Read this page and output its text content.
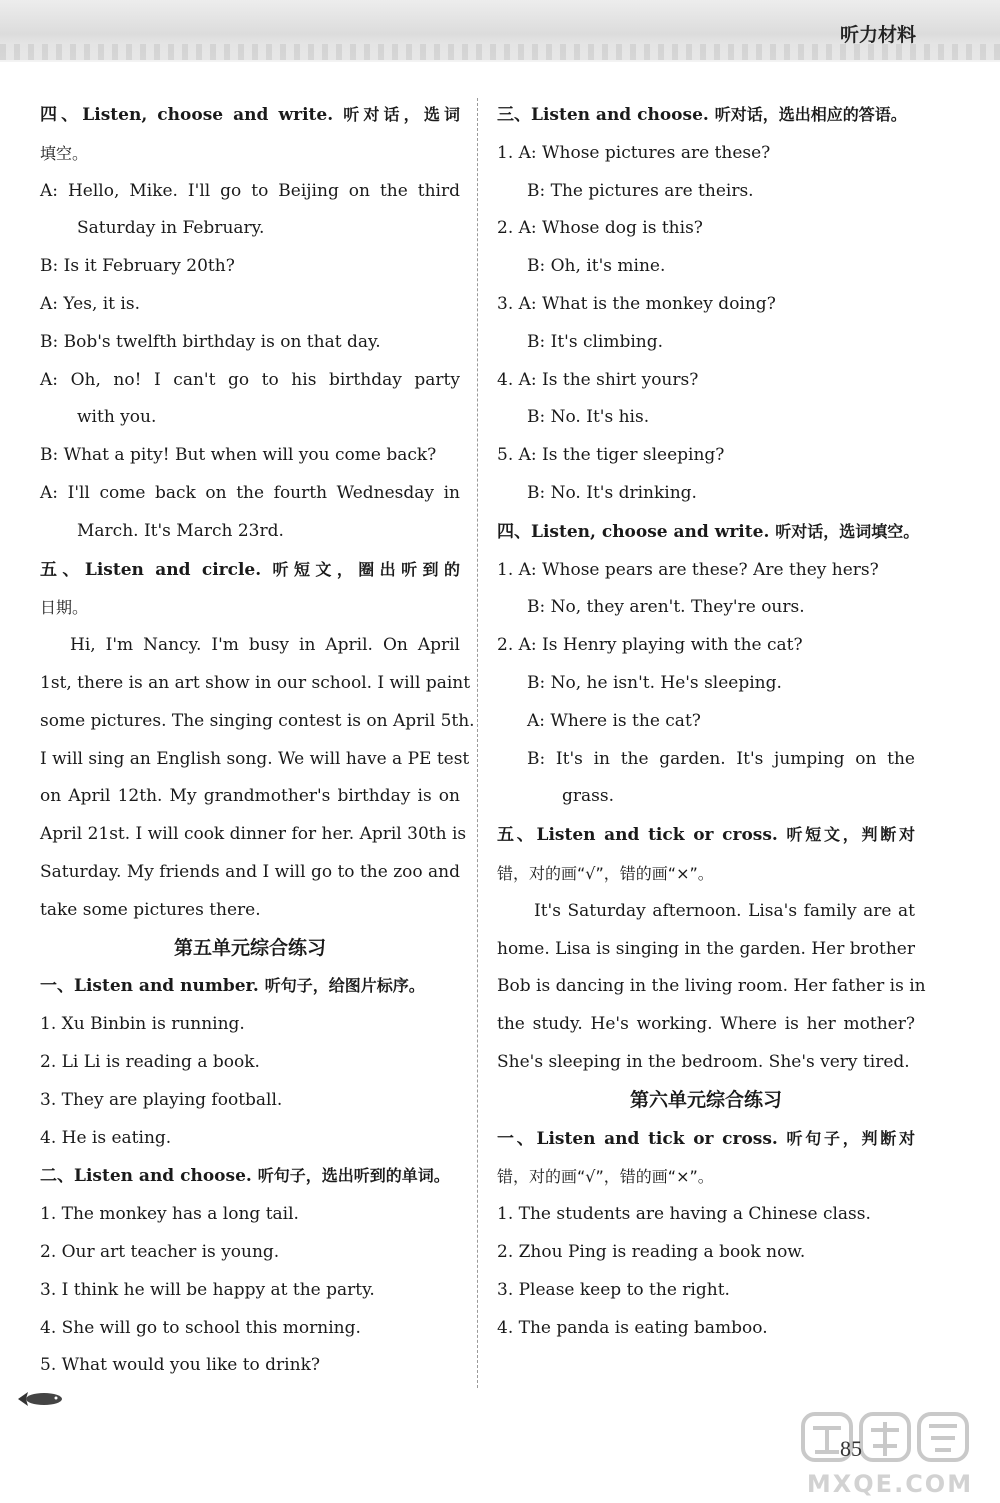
听力材料
四、Listen, choose and write. 听对话，选词
填空。
A: Hello, Mike. I'll go to Beijing on the third
Saturday in February.
B: Is it February 20th?
A: Yes, it is.
B: Bob's twelfth birthday is on that day.
A: Oh, no! I can't go to his birthday party
with you.
B: What a pity! But when will you come back?
A: I'll come back on the fourth Wednesday in
March. It's March 23rd.
五、Listen and circle. 听短文，圈出听到的
日期。
Hi, I'm Nancy. I'm busy in April. On April
1st, there is an art show in our school. I will paint
some pictures. The singing contest is on April 5th.
I will sing an English song. We will have a PE test
on April 12th. My grandmother's birthday is on
April 21st. I will cook dinner for her. April 30th is
Saturday. My friends and I will go to the zoo and
take some pictures there.
第五单元综合练习
一、Listen and number. 听句子，给图片标序。
1. Xu Binbin is running.
2. Li Li is reading a book.
3. They are playing football.
4. He is eating.
二、Listen and choose. 听句子，选出听到的单词。
1. The monkey has a long tail.
2. Our art teacher is young.
3. I think he will be happy at the party.
4. She will go to school this morning.
5. What would you like to drink?
三、Listen and choose. 听对话，选出相应的答语。
1. A: Whose pictures are these?
B: The pictures are theirs.
2. A: Whose dog is this?
B: Oh, it's mine.
3. A: What is the monkey doing?
B: It's climbing.
4. A: Is the shirt yours?
B: No. It's his.
5. A: Is the tiger sleeping?
B: No. It's drinking.
四、Listen, choose and write. 听对话，选词填空。
1. A: Whose pears are these? Are they hers?
B: No, they aren't. They're ours.
2. A: Is Henry playing with the cat?
B: No, he isn't. He's sleeping.
A: Where is the cat?
B: It's in the garden. It's jumping on the
grass.
五、Listen and tick or cross. 听短文，判断对
错，对的画“√”，错的画“×”。
It's Saturday afternoon. Lisa's family are at
home. Lisa is singing in the garden. Her brother
Bob is dancing in the living room. Her father is in
the study. He's working. Where is her mother?
She's sleeping in the bedroom. She's very tired.
第六单元综合练习
一、Listen and tick or cross. 听句子，判断对
错，对的画“√”，错的画“×”。
1. The students are having a Chinese class.
2. Zhou Ping is reading a book now.
3. Please keep to the right.
4. The panda is eating bamboo.
MXQE.COM
85
